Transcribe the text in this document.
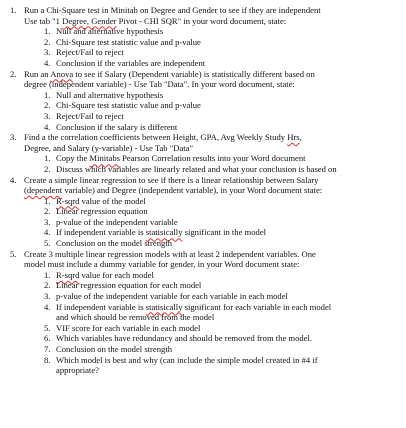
1. Run a Chi-Square test in Minitab on Degree and Gender to see if they are independent
Use tab "1 Degree, Gender Pivot - CHI SQR" in your word document, state:
1. Null and alternative hypothesis
2. Chi-Square test statistic value and p-value
3. Reject/Fail to reject
4. Conclusion if the variables are independent
2. Run an Anova to see if Salary (Dependent variable) is statistically different based on
degree (independent variable) - Use Tab "Data". In your word document, state:
1. Null and alternative hypothesis
2. Chi-Square test statistic value and p-value
3. Reject/Fail to reject
4. Conclusion if the salary is different
3. Find a the correlation coefficients between Height, GPA, Avg Weekly Study Hrs,
Degree, and Salary (y-variable) - Use Tab "Data"
1. Copy the Minitabs Pearson Correlation results into your Word document
2. Discuss which variables are linearly related and what your conclusion is based on
4. Create a simple linear regression to see if there is a linear relationship between Salary
(dependent variable) and Degree (independent variable), in your Word document state:
1. R-sqrd value of the model
2. Linear regression equation
3. p-value of the independent variable
4. If independent variable is statisically significant in the model
5. Conclusion on the model strength
5. Create 3 multiple linear regression models with at least 2 independent variables. One
model must include a dummy variable for gender, in your Word document state:
1. R-sqrd value for each model
2. Linear regression equation for each model
3. p-value of the independent variable for each variable in each model
4. If independent variable is statisically significant for each variable in each model
and which should be removed from the model
5. VIF score for each variable in each model
6. Which variables have redundancy and should be removed from the model.
7. Conclusion on the model strength
8. Which model is best and why (can include the simple model created in #4 if
appropriate?
